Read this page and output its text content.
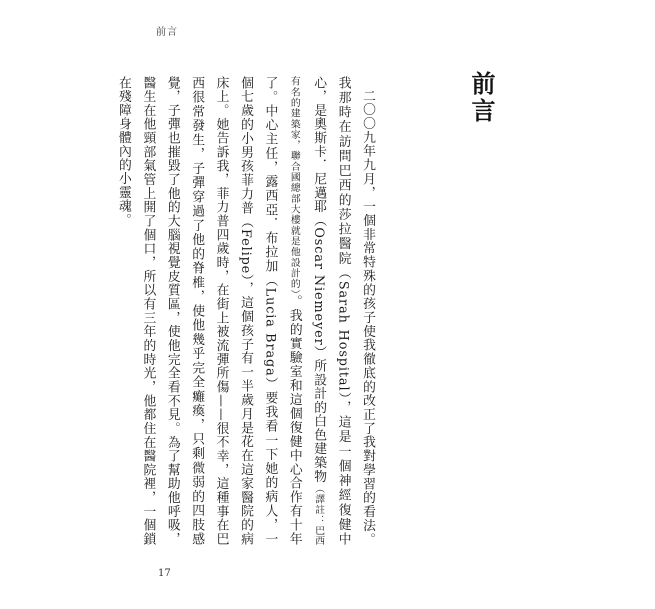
前言
前言

二〇〇九年九月，一個非常特殊的孩子使我徹底的改正了我對學習的看法。我那時在訪問巴西的莎拉醫院（Sarah Hospital），這是一個神經復健中心，是奧斯卡．尼邁耶（Oscar Niemeyer）所設計的白色建築物（譯註：巴西有名的建築家，聯合國總部大樓就是他設計的）。我的實驗室和這個復健中心合作有十年了。中心主任，露西亞．布拉加（Lucia Braga）要我看一下她的病人，一個七歲的小男孩菲力普（Felipe），這個孩子有一半歲月是花在這家醫院的病床上。她告訴我，菲力普四歲時，在街上被流彈所傷——很不幸，這種事在巴西很常發生，子彈穿過了他的脊椎，使他幾乎完全癱瘓，只剩微弱的四肢感覺，子彈也摧毀了他的大腦視覺皮質區，使他完全看不見。為了幫助他呼吸，醫生在他頸部氣管上開了個口，所以有三年的時光，他都住在醫院裡，一個鎖在殘障身體內的小靈魂。

17
